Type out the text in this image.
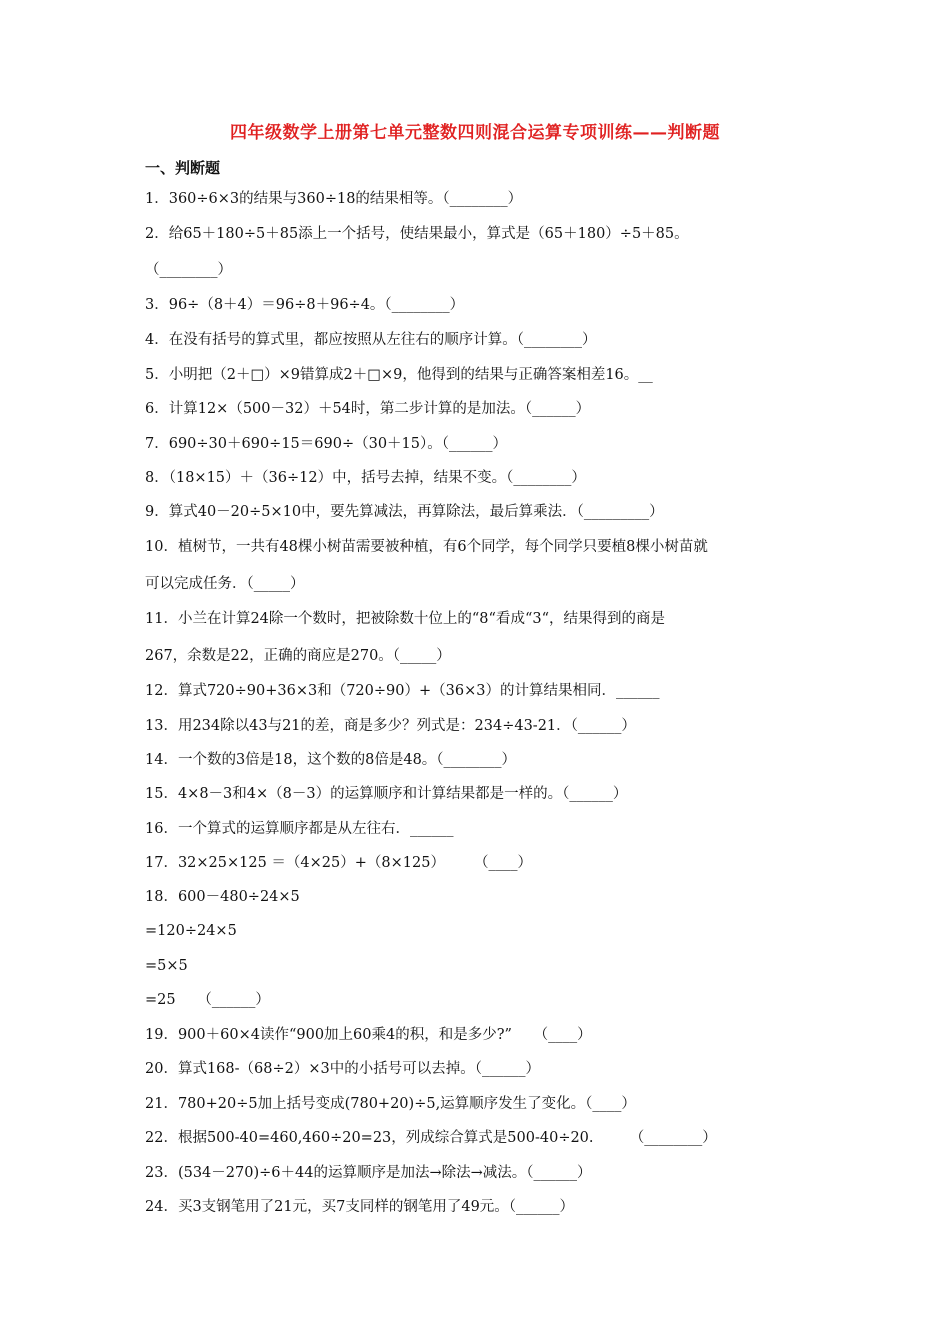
四年级数学上册第七单元整数四则混合运算专项训练——判断题
一、判断题
1．360÷6×3的结果与360÷18的结果相等。（________）
2．给65＋180÷5＋85添上一个括号，使结果最小，算式是（65＋180）÷5＋85。
（________）
3．96÷（8＋4）＝96÷8＋96÷4。（________）
4．在没有括号的算式里，都应按照从左往右的顺序计算。（________）
5．小明把（2＋□）×9错算成2＋□×9，他得到的结果与正确答案相差16。__
6．计算12×（500－32）＋54时，第二步计算的是加法。（______）
7．690÷30＋690÷15＝690÷（30＋15）。（______）
8．（18×15）＋（36÷12）中，括号去掉，结果不变。（________）
9．算式40－20÷5×10中，要先算减法，再算除法，最后算乘法．（_________）
10．植树节，一共有48棵小树苗需要被种植，有6个同学，每个同学只要植8棵小树苗就
可以完成任务．（_____）
11．小兰在计算24除一个数时，把被除数十位上的“8“看成“3“，结果得到的商是
267，余数是22，正确的商应是270。（_____）
12．算式720÷90+36×3和（720÷90）+（36×3）的计算结果相同．______
13．用234除以43与21的差，商是多少？列式是：234÷43-21．（______）
14．一个数的3倍是18，这个数的8倍是48。（________）
15．4×8－3和4×（8－3）的运算顺序和计算结果都是一样的。（______）
16．一个算式的运算顺序都是从左往右．______
17．32×25×125 ＝（4×25）+（8×125）　　　（____）
18．600－480÷24×5
=120÷24×5
=5×5
=25　　（______）
19．900＋60×4读作“900加上60乘4的积，和是多少?”　　（____）
20．算式168-（68÷2）×3中的小括号可以去掉。（______）
21．780+20÷5加上括号变成(780+20)÷5,运算顺序发生了变化。（____）
22．根据500-40=460,460÷20=23，列成综合算式是500-40÷20.　　　（________）
23．(534－270)÷6＋44的运算顺序是加法→除法→减法。（______）
24．买3支钢笔用了21元，买7支同样的钢笔用了49元。（______）
